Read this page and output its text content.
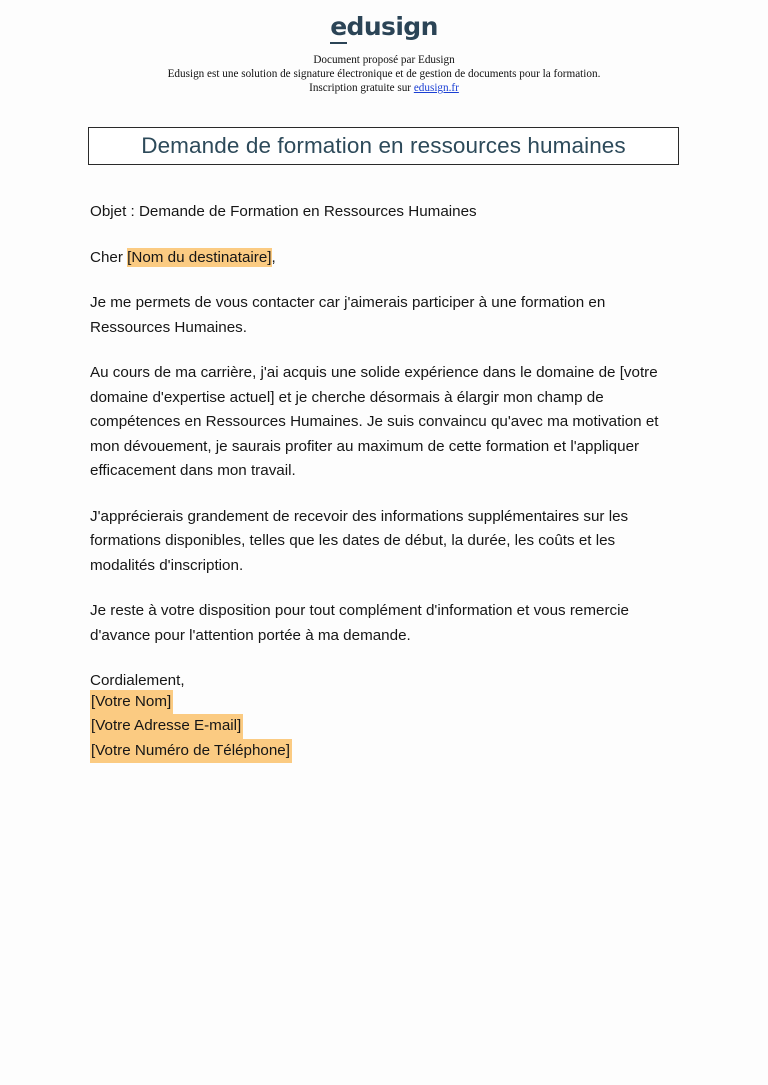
edusign
Document proposé par Edusign
Edusign est une solution de signature électronique et de gestion de documents pour la formation.
Inscription gratuite sur edusign.fr
Demande de formation en ressources humaines

Objet : Demande de Formation en Ressources Humaines

Cher [Nom du destinataire],

Je me permets de vous contacter car j'aimerais participer à une formation en Ressources Humaines.

Au cours de ma carrière, j'ai acquis une solide expérience dans le domaine de [votre domaine d'expertise actuel] et je cherche désormais à élargir mon champ de compétences en Ressources Humaines. Je suis convaincu qu'avec ma motivation et mon dévouement, je saurais profiter au maximum de cette formation et l'appliquer efficacement dans mon travail.

J'apprécierais grandement de recevoir des informations supplémentaires sur les formations disponibles, telles que les dates de début, la durée, les coûts et les modalités d'inscription.

Je reste à votre disposition pour tout complément d'information et vous remercie d'avance pour l'attention portée à ma demande.

Cordialement,

[Votre Nom]
[Votre Adresse E-mail]
[Votre Numéro de Téléphone]
